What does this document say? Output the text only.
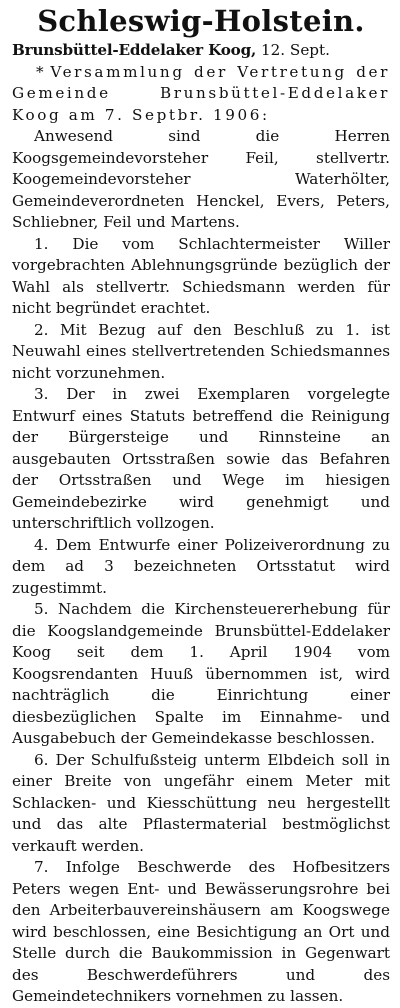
Schleswig-Holstein.

Brunsbüttel-Eddelaker Koog, 12. Sept.

* Versammlung der Vertretung der Gemeinde Brunsbüttel-Eddelaker Koog am 7. Septbr. 1906:

Anwesend sind die Herren Koogsgemeindevorsteher Feil, stellvertr. Koogemeindevorsteher Waterhölter, Gemeindeverordneten Henckel, Evers, Peters, Schliebner, Feil und Martens.

1. Die vom Schlachtermeister Willer vorgebrachten Ablehnungsgründe bezüglich der Wahl als stellvertr. Schiedsmann werden für nicht begründet erachtet.

2. Mit Bezug auf den Beschluß zu 1. ist Neuwahl eines stellvertretenden Schiedsmannes nicht vorzunehmen.

3. Der in zwei Exemplaren vorgelegte Entwurf eines Statuts betreffend die Reinigung der Bürgersteige und Rinnsteine an ausgebauten Ortsstraßen sowie das Befahren der Ortsstraßen und Wege im hiesigen Gemeindebezirke wird genehmigt und unterschriftlich vollzogen.

4. Dem Entwurfe einer Polizeiverordnung zu dem ad 3 bezeichneten Ortsstatut wird zugestimmt.

5. Nachdem die Kirchensteuererhebung für die Koogslandgemeinde Brunsbüttel-Eddelaker Koog seit dem 1. April 1904 vom Koogsrendanten Huuß übernommen ist, wird nachträglich die Einrichtung einer diesbezüglichen Spalte im Einnahme- und Ausgabebuch der Gemeindekasse beschlossen.

6. Der Schulfußsteig unterm Elbdeich soll in einer Breite von ungefähr einem Meter mit Schlacken- und Kiesschüttung neu hergestellt und das alte Pflastermaterial bestmöglichst verkauft werden.

7. Infolge Beschwerde des Hofbesitzers Peters wegen Ent- und Bewässerungsrohre bei den Arbeiterbauvereinshäusern am Koogswege wird beschlossen, eine Besichtigung an Ort und Stelle durch die Baukommission in Gegenwart des Beschwerdeführers und des Gemeindetechnikers vornehmen zu lassen.
